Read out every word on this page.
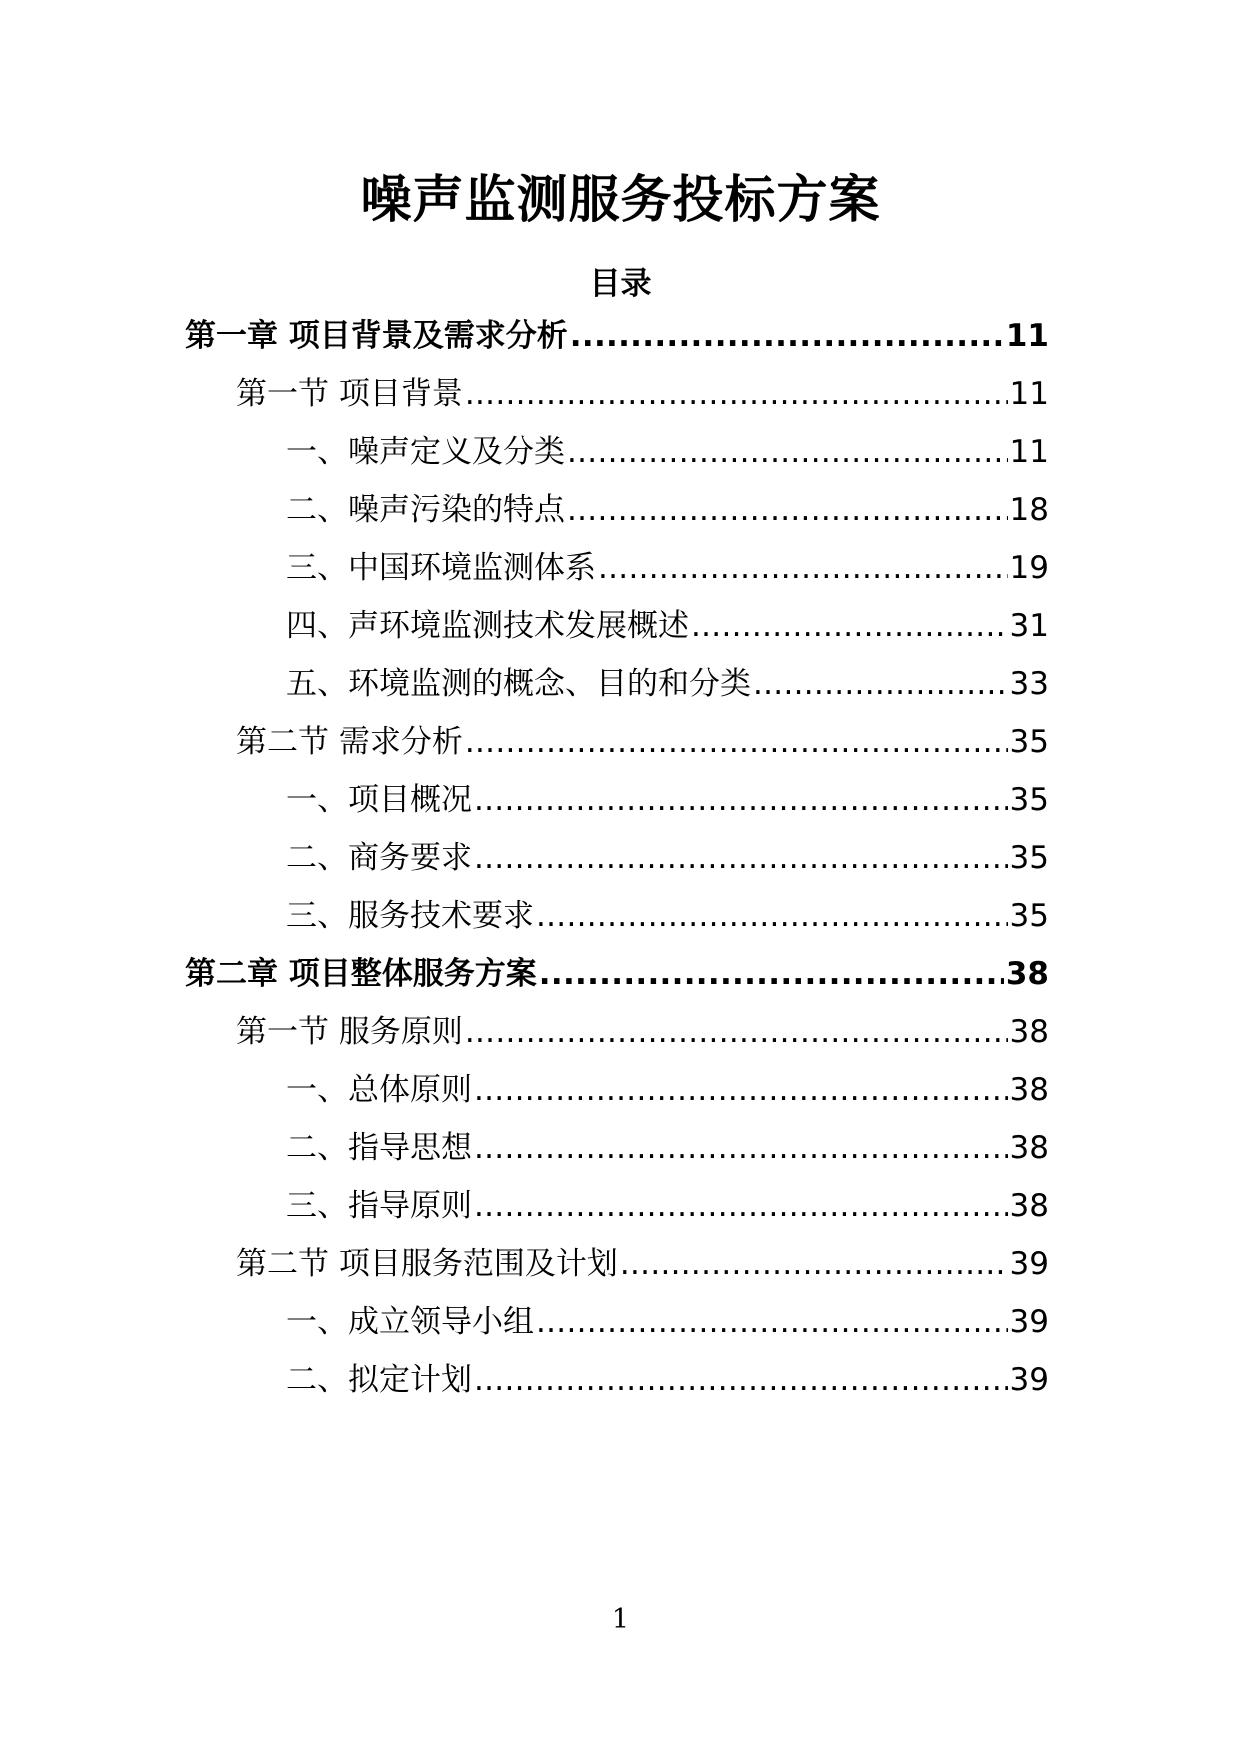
噪声监测服务投标方案
目录
第一章 项目背景及需求分析 .....	11
第一节 项目背景 .....	11
一、噪声定义及分类 .....	11
二、噪声污染的特点 .....	18
三、中国环境监测体系 .....	19
四、声环境监测技术发展概述 .....	31
五、环境监测的概念、目的和分类 .....	33
第二节 需求分析 .....	35
一、项目概况 .....	35
二、商务要求 .....	35
三、服务技术要求 .....	35
第二章 项目整体服务方案 .....	38
第一节 服务原则 .....	38
一、总体原则 .....	38
二、指导思想 .....	38
三、指导原则 .....	38
第二节 项目服务范围及计划 .....	39
一、成立领导小组 .....	39
二、拟定计划 .....	39
1
